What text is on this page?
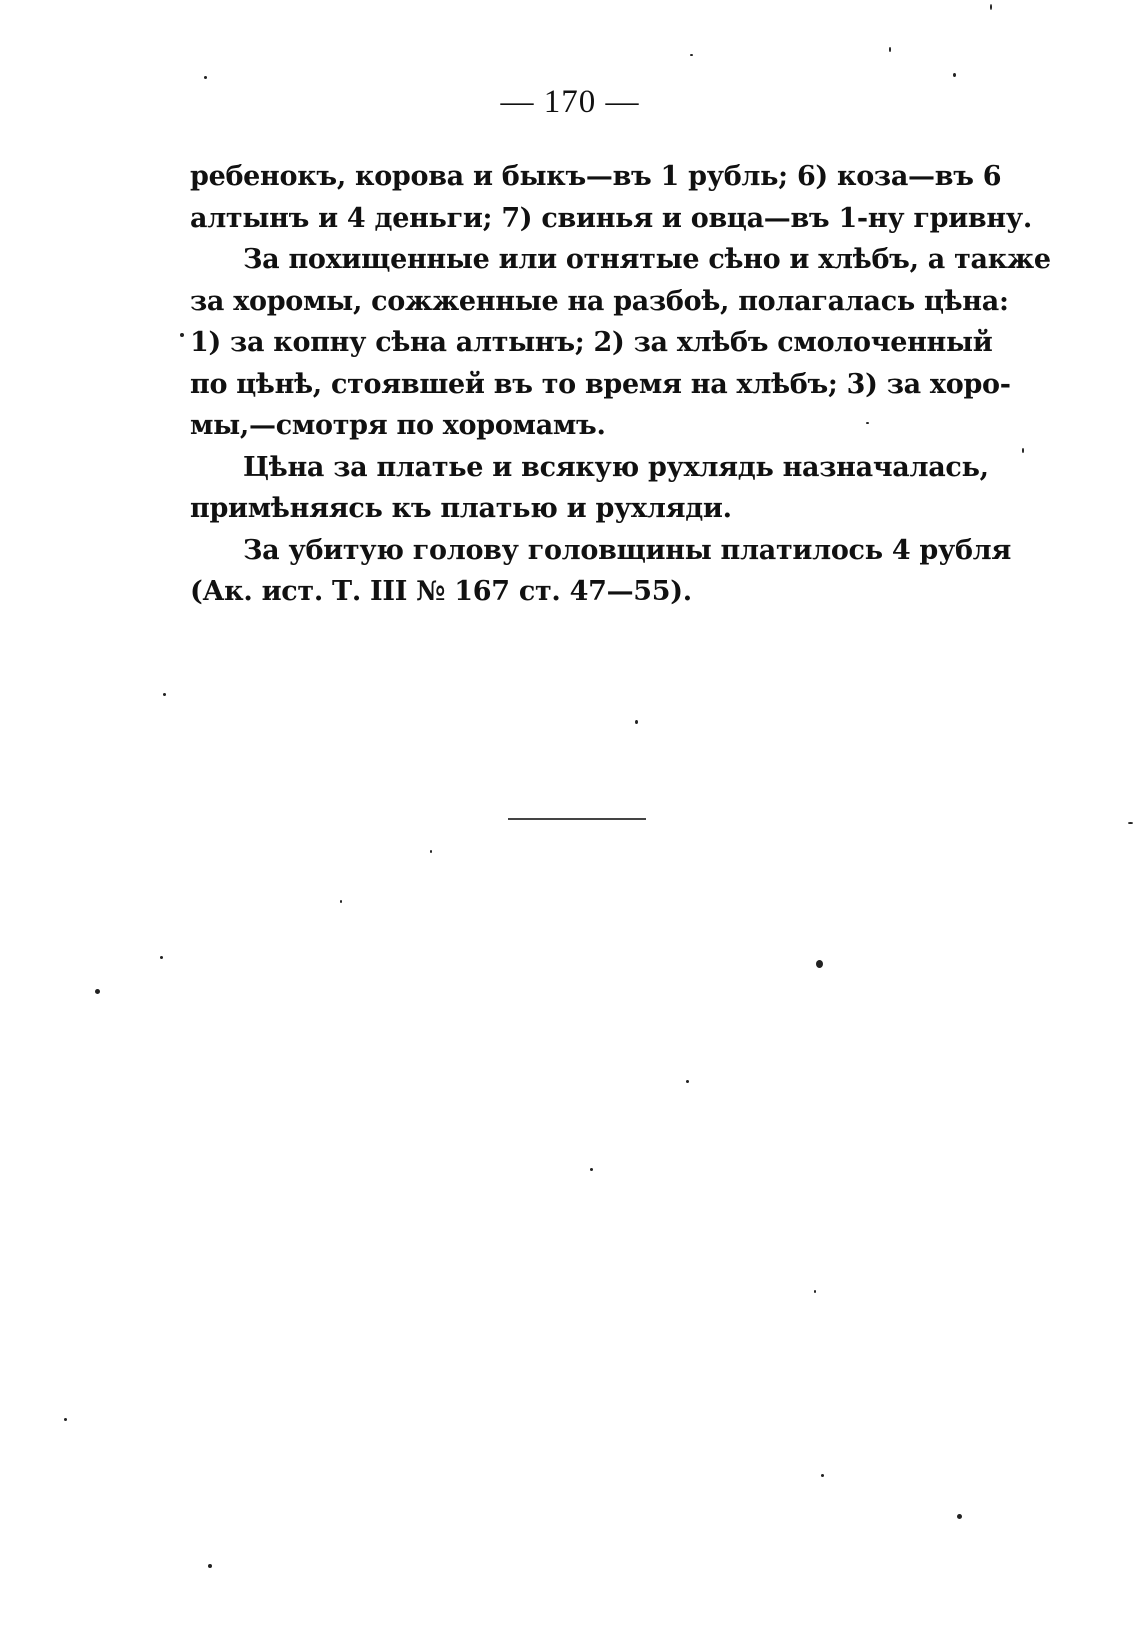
— 170 —
ребенокъ, корова и быкъ—въ 1 рубль; 6) коза—въ 6
алтынъ и 4 деньги; 7) свинья и овца—въ 1-ну гривну.
За похищенные или отнятые сѣно и хлѣбъ, а также
за хоромы, сожженные на разбоѣ, полагалась цѣна:
1) за копну сѣна алтынъ; 2) за хлѣбъ смолоченный
по цѣнѣ, стоявшей въ то время на хлѣбъ; 3) за хоро-
мы,—смотря по хоромамъ.
Цѣна за платье и всякую рухлядь назначалась,
примѣняясь къ платью и рухляди.
За убитую голову головщины платилось 4 рубля
(Ак. ист. Т. III № 167 ст. 47—55).
